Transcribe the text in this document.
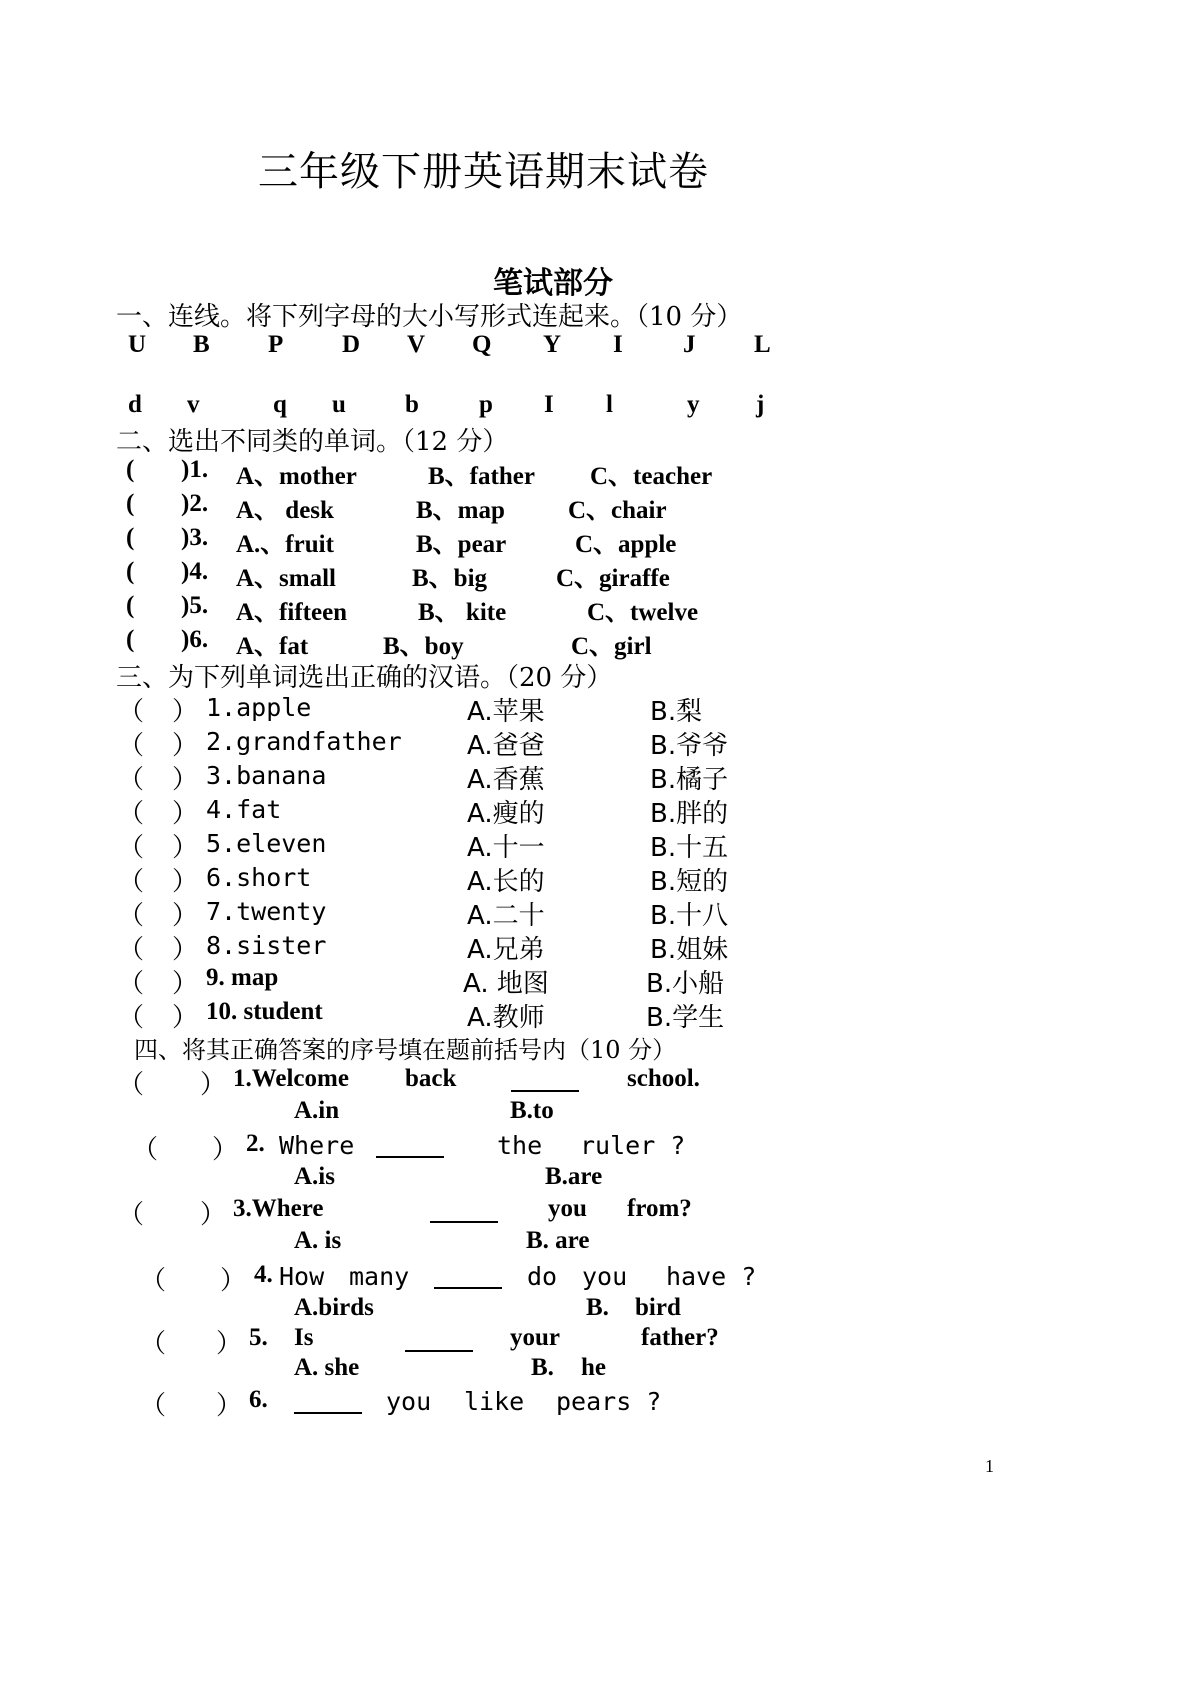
三年级下册英语期末试卷
笔试部分
一、连线。将下列字母的大小写形式连起来。（10 分）
U B P D V Q Y I J L
d v	q u b p I l	y j
二、选出不同类的单词。（12 分）
( )1. A、mother	B、father C、teacher
( )2. A、 desk	B、map	C、chair
( )3. A.、fruit	B、pear	C、apple
( )4. A、small	B、big	C、giraffe
( )5. A、fifteen	B、 kite	C、twelve
( )6. A、fat	B、boy	C、girl
三、为下列单词选出正确的汉语。（20 分）
（ ） 1.apple	A.苹果	B.梨
（ ） 2.grandfather	A.爸爸	B.爷爷
（ ） 3.banana	A.香蕉	B.橘子
（ ） 4.fat	A.瘦的	B.胖的
（ ） 5.eleven	A.十一	B.十五
（ ） 6.short	A.长的	B.短的
（ ） 7.twenty	A.二十	B.十八
（ ） 8.sister	A.兄弟	B.姐妹
（ ） 9. map	A. 地图	B.小船
（ ） 10. student	A.教师	B.学生
四、将其正确答案的序号填在题前括号内（10 分）
（ ） 1.Welcome back	school.
A.in	B.to
（ ） 2. Where	the ruler ?
A.is	B.are
（ ） 3.Where	you from?
A. is	B. are
（ ） 4. How many	do you have ?
A.birds	B. bird
（ ） 5. Is	your	father?
A. she	B. he
（ ） 6.	you like pears ?
1
